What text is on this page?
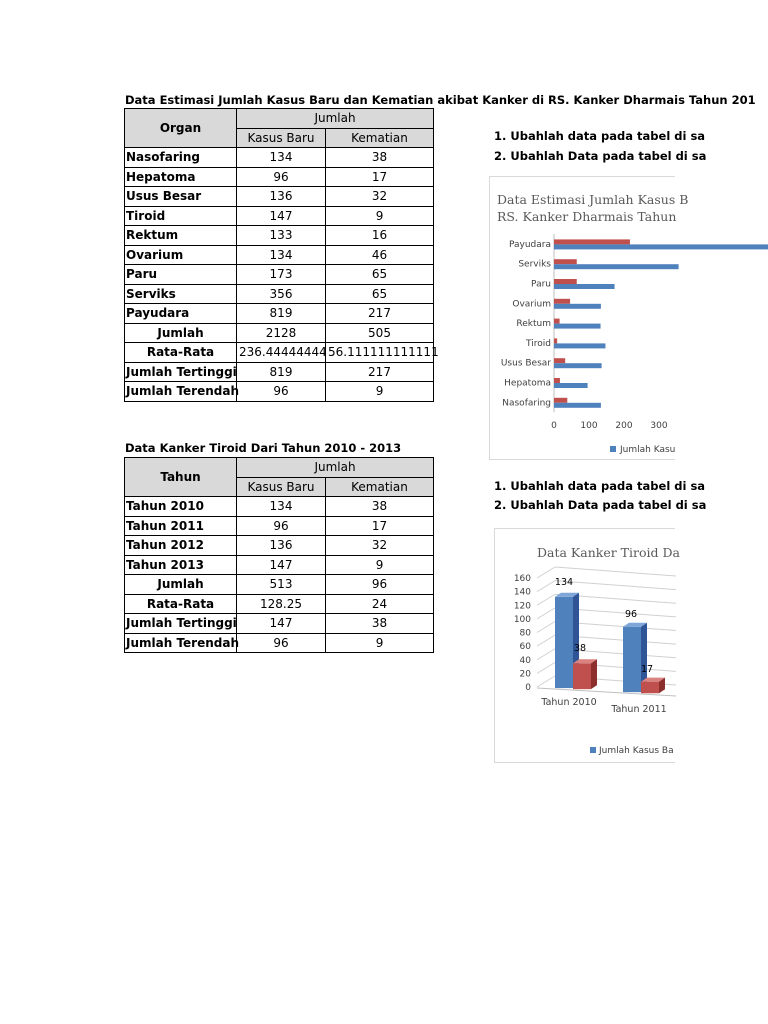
Data Estimasi Jumlah Kasus Baru dan Kematian akibat Kanker di RS. Kanker Dharmais Tahun 201
Organ	Jumlah	
	Kasus Baru	Kematian
Nasofaring	134	38
Hepatoma	96	17
Usus Besar	136	32
Tiroid	147	9
Rektum	133	16
Ovarium	134	46
Paru	173	65
Serviks	356	65
Payudara	819	217
Jumlah	2128	505
Rata-Rata	236.44444444	56.111111111111
Jumlah Tertinggi	819	217
Jumlah Terendah	96	9
1. Ubahlah data pada tabel di sa
2. Ubahlah Data pada tabel di sa
Data Estimasi Jumlah Kasus B
RS. Kanker Dharmais Tahun
Payudara
Serviks
Paru
Ovarium
Rektum
Tiroid
Usus Besar
Hepatoma
Nasofaring
0	100 200 300
Jumlah Kasu
Data Kanker Tiroid Dari Tahun 2010 - 2013
Tahun	Jumlah	
	Kasus Baru	Kematian
Tahun 2010	134	38
Tahun 2011	96	17
Tahun 2012	136	32
Tahun 2013	147	9
Jumlah	513	96
Rata-Rata	128.25	24
Jumlah Tertinggi	147	38
Jumlah Terendah	96	9
1. Ubahlah data pada tabel di sa
2. Ubahlah Data pada tabel di sa
Data Kanker Tiroid Da
0
20
40
60
80
100
120
140
160	134
38
96
17
Tahun 2010
Tahun 2011
Jumlah Kasus Ba
